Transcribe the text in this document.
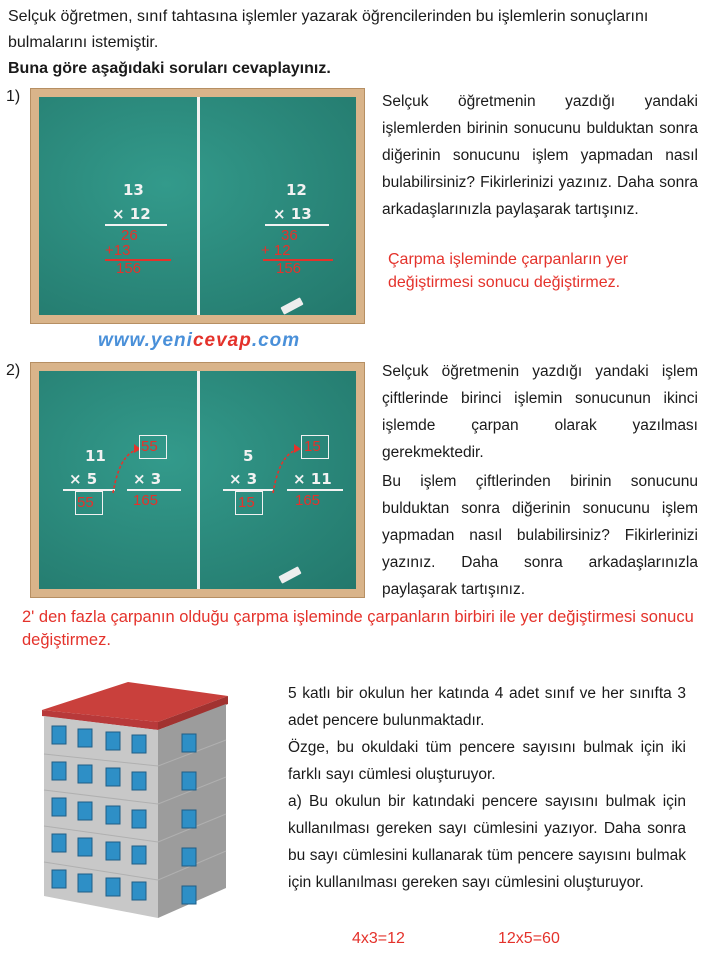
Selçuk öğretmen, sınıf tahtasına işlemler yazarak öğrencilerinden bu işlemlerin sonuçlarını bulmalarını istemiştir.
Buna göre aşağıdaki soruları cevaplayınız.
1)
13
× 12
26
+13
156
12
× 13
36
+ 12
156
Selçuk öğretmenin yazdığı yandaki işlemlerden birinin sonucunu bulduktan sonra diğerinin sonucunu işlem yapmadan nasıl bulabilirsiniz? Fikirlerinizi yazınız. Daha sonra arkadaşlarınızla paylaşarak tartışınız.
Çarpma işleminde çarpanların yer değiştirmesi sonucu değiştirmez.
www.yenicevap.com
2)
11
× 5
55
55
× 3
165
5
× 3
15
15
× 11
165
Selçuk öğretmenin yazdığı yandaki işlem çiftlerinde birinci işlemin sonucunun ikinci işlemde çarpan olarak yazılması gerekmektedir.
Bu işlem çiftlerinden birinin sonucunu bulduktan sonra diğerinin sonucunu işlem yapmadan nasıl bulabilirsiniz? Fikirlerinizi yazınız. Daha sonra arkadaşlarınızla paylaşarak tartışınız.
2' den fazla çarpanın olduğu çarpma işleminde çarpanların birbiri ile yer değiştirmesi sonucu değiştirmez.
5 katlı bir okulun her katında 4 adet sınıf ve her sınıfta 3 adet pencere bulunmaktadır.
Özge, bu okuldaki tüm pencere sayısını bulmak için iki farklı sayı cümlesi oluşturuyor.
a) Bu okulun bir katındaki pencere sayısını bulmak için kullanılması gereken sayı cümlesini yazıyor. Daha sonra bu sayı cümlesini kullanarak tüm pencere sayısını bulmak için kullanılması gereken sayı cümlesini oluşturuyor.
4x3=12	12x5=60
